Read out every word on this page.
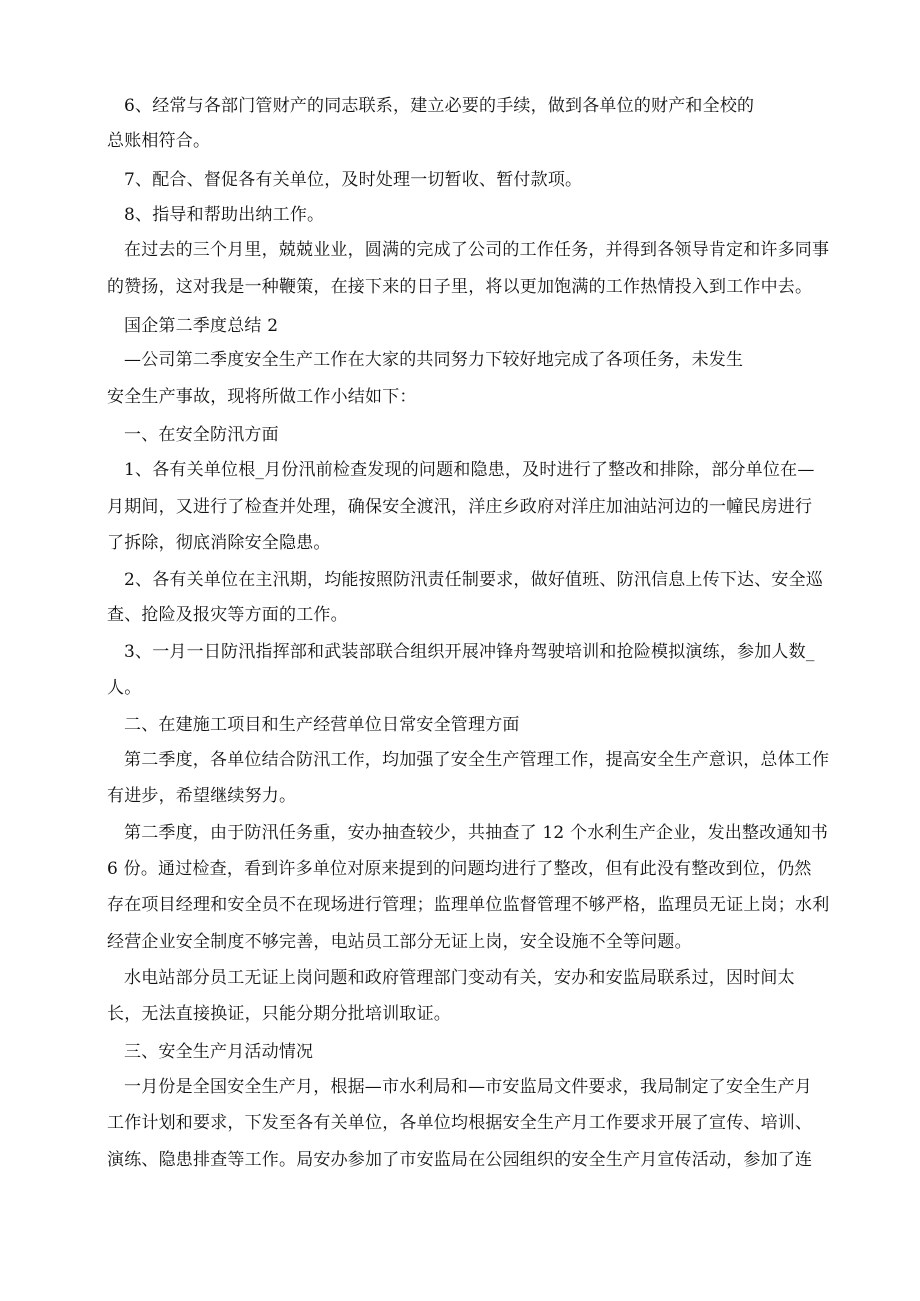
6、经常与各部门管财产的同志联系，建立必要的手续，做到各单位的财产和全校的
总账相符合。
7、配合、督促各有关单位，及时处理一切暂收、暂付款项。
8、指导和帮助出纳工作。
在过去的三个月里，兢兢业业，圆满的完成了公司的工作任务，并得到各领导肯定和许多同事
的赞扬，这对我是一种鞭策，在接下来的日子里，将以更加饱满的工作热情投入到工作中去。
国企第二季度总结 2
—公司第二季度安全生产工作在大家的共同努力下较好地完成了各项任务，未发生
安全生产事故，现将所做工作小结如下：
一、在安全防汛方面
1、各有关单位根_月份汛前检查发现的问题和隐患，及时进行了整改和排除，部分单位在—
月期间，又进行了检查并处理，确保安全渡汛，洋庄乡政府对洋庄加油站河边的一幢民房进行
了拆除，彻底消除安全隐患。
2、各有关单位在主汛期，均能按照防汛责任制要求，做好值班、防汛信息上传下达、安全巡
查、抢险及报灾等方面的工作。
3、一月一日防汛指挥部和武装部联合组织开展冲锋舟驾驶培训和抢险模拟演练，参加人数_
人。
二、在建施工项目和生产经营单位日常安全管理方面
第二季度，各单位结合防汛工作，均加强了安全生产管理工作，提高安全生产意识，总体工作
有进步，希望继续努力。
第二季度，由于防汛任务重，安办抽查较少，共抽查了 12 个水利生产企业，发出整改通知书
6 份。通过检查，看到许多单位对原来提到的问题均进行了整改，但有此没有整改到位，仍然
存在项目经理和安全员不在现场进行管理；监理单位监督管理不够严格，监理员无证上岗；水利
经营企业安全制度不够完善，电站员工部分无证上岗，安全设施不全等问题。
水电站部分员工无证上岗问题和政府管理部门变动有关，安办和安监局联系过，因时间太
长，无法直接换证，只能分期分批培训取证。
三、安全生产月活动情况
一月份是全国安全生产月，根据—市水利局和—市安监局文件要求，我局制定了安全生产月
工作计划和要求，下发至各有关单位，各单位均根据安全生产月工作要求开展了宣传、培训、
演练、隐患排查等工作。局安办参加了市安监局在公园组织的安全生产月宣传活动，参加了连
